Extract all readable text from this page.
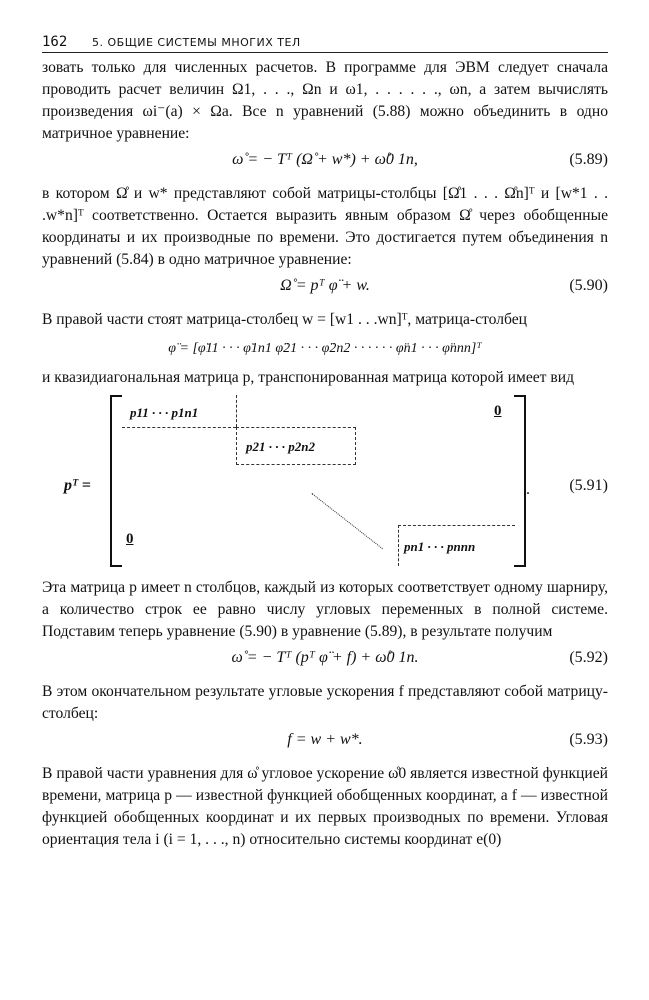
162 5. ОБЩИЕ СИСТЕМЫ МНОГИХ ТЕЛ

зовать только для численных расчетов. В программе для ЭВМ следует сначала проводить расчет величин Ω1, . . ., Ωn и ω1, . . . . . ., ωn, а затем вычислять произведения ωi⁻(a) × Ωa. Все n уравнений (5.88) можно объединить в одно матричное уравнение:

ω̊ = − Tᵀ (Ω̊ + w*) + ω̊0 1n,	(5.89)

в котором Ω̊ и w* представляют собой матрицы-столбцы [Ω̊1 . . . Ω̊n]ᵀ и [w*1 . . .w*n]ᵀ соответственно. Остается выразить явным образом Ω̊ через обобщенные координаты и их производные по времени. Это достигается путем объединения n уравнений (5.84) в одно матричное уравнение:

Ω̊ = pᵀ φ̈ + w.	(5.90)

В правой части стоят матрица-столбец w = [w1 . . .wn]ᵀ, матрица-столбец

φ̈ = [φ̈11 · · · φ̈1n1 φ̈21 · · · φ̈2n2 · · · · · · φ̈n1 · · · φ̈nnn]ᵀ

и квазидиагональная матрица p, транспонированная матрица которой имеет вид

pᵀ =
p11 · · · p1n1	0
p21 · · · p2n2
pn1 · · · pnnn
0
. (5.91)

Эта матрица p имеет n столбцов, каждый из которых соответствует одному шарниру, а количество строк ее равно числу угловых переменных в полной системе. Подставим теперь уравнение (5.90) в уравнение (5.89), в результате получим

ω̊ = − Tᵀ (pᵀ φ̈ + f) + ω̊0 1n.	(5.92)

В этом окончательном результате угловые ускорения f представляют собой матрицу-столбец:

f = w + w*.	(5.93)

В правой части уравнения для ω̊ угловое ускорение ω̊0 является известной функцией времени, матрица p — известной функцией обобщенных координат, а f — известной функцией обобщенных координат и их первых производных по времени. Угловая ориентация тела i (i = 1, . . ., n) относительно системы координат e(0)
